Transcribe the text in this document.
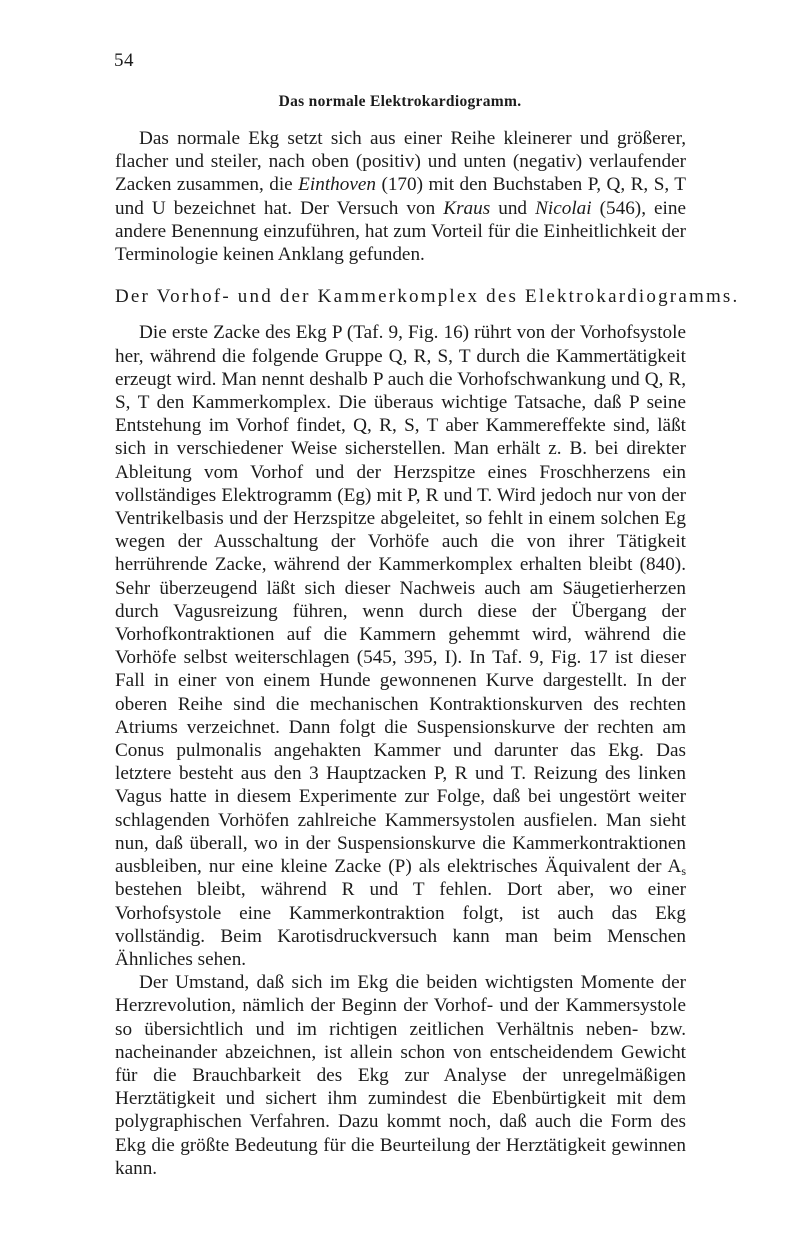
54
Das normale Elektrokardiogramm.

Das normale Ekg setzt sich aus einer Reihe kleinerer und größerer, flacher und steiler, nach oben (positiv) und unten (negativ) verlaufender Zacken zusammen, die Einthoven (170) mit den Buchstaben P, Q, R, S, T und U bezeichnet hat. Der Versuch von Kraus und Nicolai (546), eine andere Benennung einzuführen, hat zum Vorteil für die Einheitlichkeit der Terminologie keinen Anklang gefunden.

Der Vorhof- und der Kammerkomplex des Elektrokardiogramms.

Die erste Zacke des Ekg P (Taf. 9, Fig. 16) rührt von der Vorhofsystole her, während die folgende Gruppe Q, R, S, T durch die Kammertätigkeit erzeugt wird. Man nennt deshalb P auch die Vorhofschwankung und Q, R, S, T den Kammerkomplex. Die überaus wichtige Tatsache, daß P seine Entstehung im Vorhof findet, Q, R, S, T aber Kammereffekte sind, läßt sich in verschiedener Weise sicherstellen. Man erhält z. B. bei direkter Ableitung vom Vorhof und der Herzspitze eines Froschherzens ein vollständiges Elektrogramm (Eg) mit P, R und T. Wird jedoch nur von der Ventrikelbasis und der Herzspitze abgeleitet, so fehlt in einem solchen Eg wegen der Ausschaltung der Vorhöfe auch die von ihrer Tätigkeit herrührende Zacke, während der Kammerkomplex erhalten bleibt (840). Sehr überzeugend läßt sich dieser Nachweis auch am Säugetierherzen durch Vagusreizung führen, wenn durch diese der Übergang der Vorhofkontraktionen auf die Kammern gehemmt wird, während die Vorhöfe selbst weiterschlagen (545, 395, I). In Taf. 9, Fig. 17 ist dieser Fall in einer von einem Hunde gewonnenen Kurve dargestellt. In der oberen Reihe sind die mechanischen Kontraktionskurven des rechten Atriums verzeichnet. Dann folgt die Suspensionskurve der rechten am Conus pulmonalis angehakten Kammer und darunter das Ekg. Das letztere besteht aus den 3 Hauptzacken P, R und T. Reizung des linken Vagus hatte in diesem Experimente zur Folge, daß bei ungestört weiter schlagenden Vorhöfen zahlreiche Kammersystolen ausfielen. Man sieht nun, daß überall, wo in der Suspensionskurve die Kammerkontraktionen ausbleiben, nur eine kleine Zacke (P) als elektrisches Äquivalent der $A_s$ bestehen bleibt, während R und T fehlen. Dort aber, wo einer Vorhofsystole eine Kammerkontraktion folgt, ist auch das Ekg vollständig. Beim Karotisdruckversuch kann man beim Menschen Ähnliches sehen.

Der Umstand, daß sich im Ekg die beiden wichtigsten Momente der Herzrevolution, nämlich der Beginn der Vorhof- und der Kammersystole so übersichtlich und im richtigen zeitlichen Verhältnis neben- bzw. nacheinander abzeichnen, ist allein schon von entscheidendem Gewicht für die Brauchbarkeit des Ekg zur Analyse der unregelmäßigen Herztätigkeit und sichert ihm zumindest die Ebenbürtigkeit mit dem polygraphischen Verfahren. Dazu kommt noch, daß auch die Form des Ekg die größte Bedeutung für die Beurteilung der Herztätigkeit gewinnen kann.
